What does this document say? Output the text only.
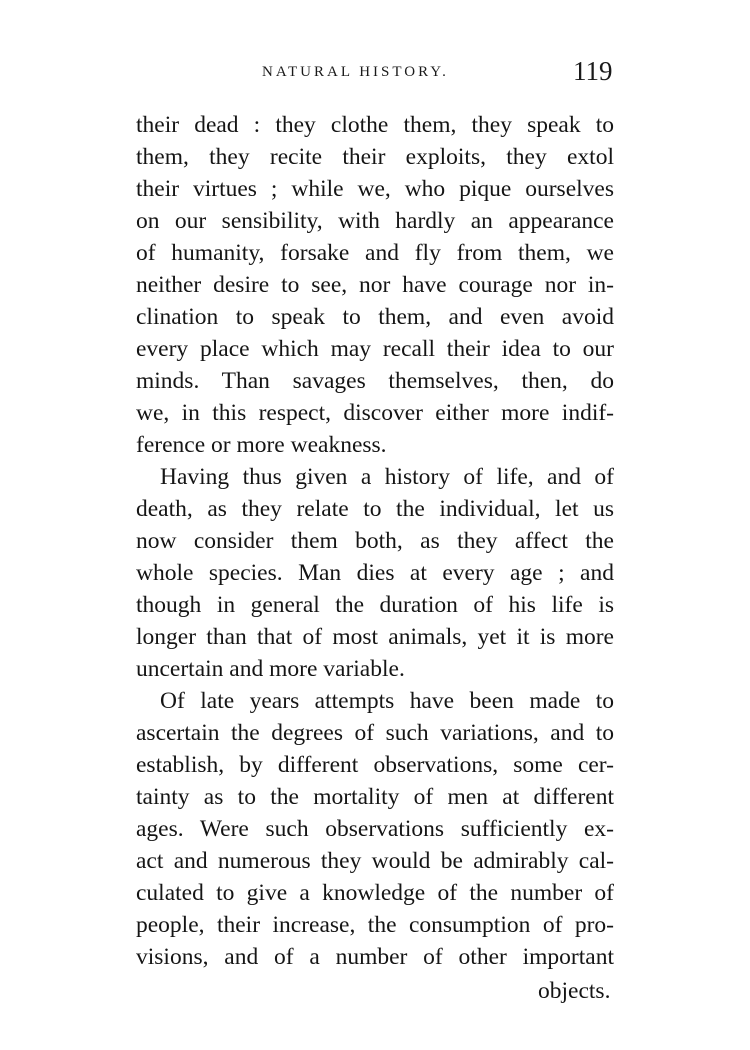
NATURAL HISTORY.	119
their dead : they clothe them, they speak to
them, they recite their exploits, they extol
their virtues ; while we, who pique ourselves
on our sensibility, with hardly an appearance
of humanity, forsake and fly from them, we
neither desire to see, nor have courage nor in-
clination to speak to them, and even avoid
every place which may recall their idea to our
minds. Than savages themselves, then, do
we, in this respect, discover either more indif-
ference or more weakness.
Having thus given a history of life, and of
death, as they relate to the individual, let us
now consider them both, as they affect the
whole species. Man dies at every age ; and
though in general the duration of his life is
longer than that of most animals, yet it is more
uncertain and more variable.
Of late years attempts have been made to
ascertain the degrees of such variations, and to
establish, by different observations, some cer-
tainty as to the mortality of men at different
ages. Were such observations sufficiently ex-
act and numerous they would be admirably cal-
culated to give a knowledge of the number of
people, their increase, the consumption of pro-
visions, and of a number of other important
objects.
